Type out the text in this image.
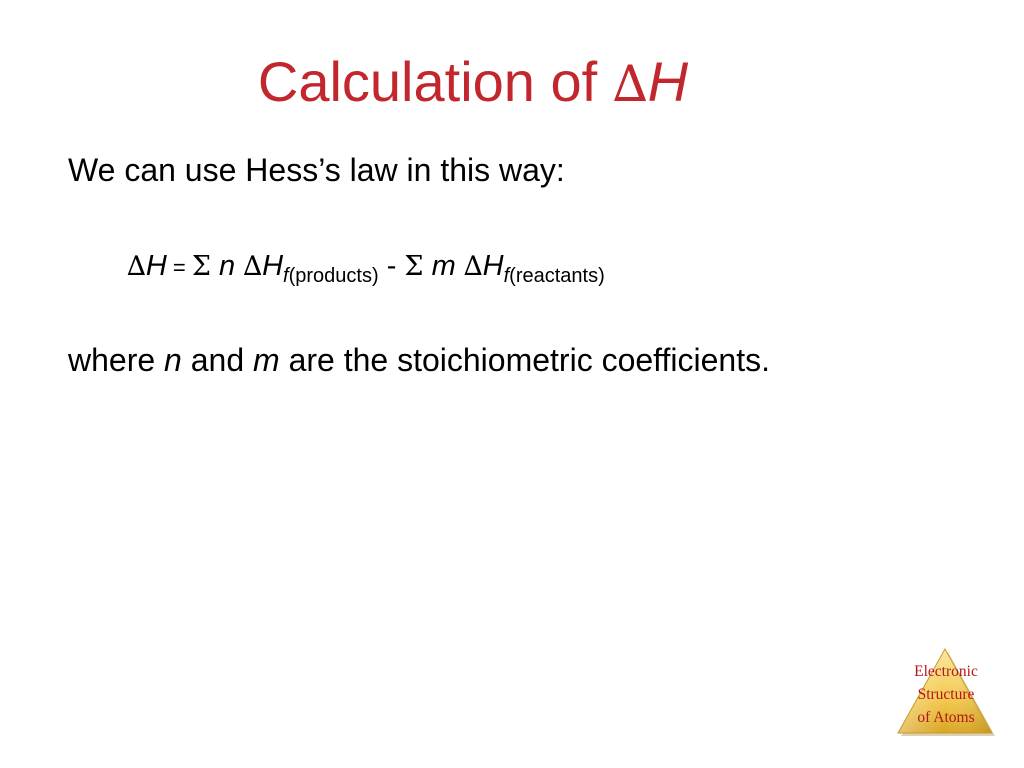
Calculation of ∆H
We can use Hess’s law in this way:
∆H = Σ n $\Delta H_{f(products)}$ - Σ m $\Delta H_{f(reactants)}$
where n and m are the stoichiometric coefficients.
Electronic
Structure
of Atoms
